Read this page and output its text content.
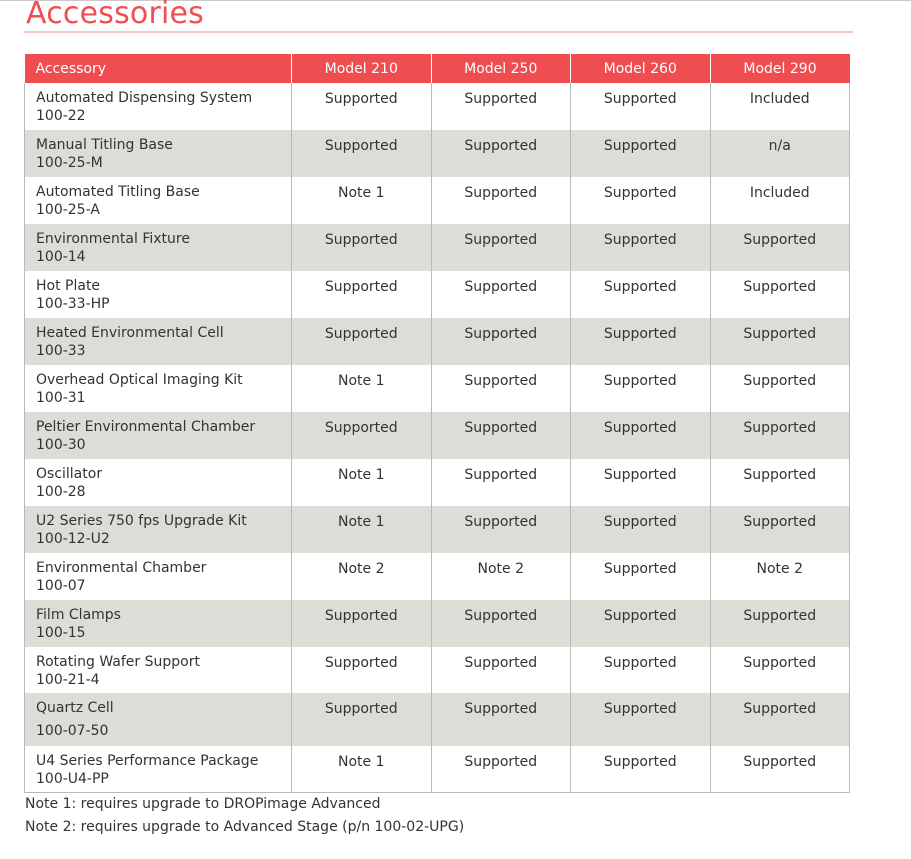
Accessories
Accessory	Model 210	Model 250	Model 260	Model 290

Automated Dispensing System
100-22	Supported	Supported	Supported	Included

Manual Titling Base
100-25-M	Supported	Supported	Supported	n/a

Automated Titling Base
100-25-A	Note 1	Supported	Supported	Included

Environmental Fixture
100-14	Supported	Supported	Supported	Supported

Hot Plate
100-33-HP	Supported	Supported	Supported	Supported

Heated Environmental Cell
100-33	Supported	Supported	Supported	Supported

Overhead Optical Imaging Kit
100-31	Note 1	Supported	Supported	Supported

Peltier Environmental Chamber
100-30	Supported	Supported	Supported	Supported

Oscillator
100-28	Note 1	Supported	Supported	Supported

U2 Series 750 fps Upgrade Kit
100-12-U2	Note 1	Supported	Supported	Supported

Environmental Chamber
100-07	Note 2	Note 2	Supported	Note 2

Film Clamps
100-15	Supported	Supported	Supported	Supported

Rotating Wafer Support
100-21-4	Supported	Supported	Supported	Supported

Quartz Cell
100-07-50	Supported	Supported	Supported	Supported

U4 Series Performance Package
100-U4-PP	Note 1	Supported	Supported	Supported
Note 1: requires upgrade to DROPimage Advanced
Note 2: requires upgrade to Advanced Stage (p/n 100-02-UPG)
